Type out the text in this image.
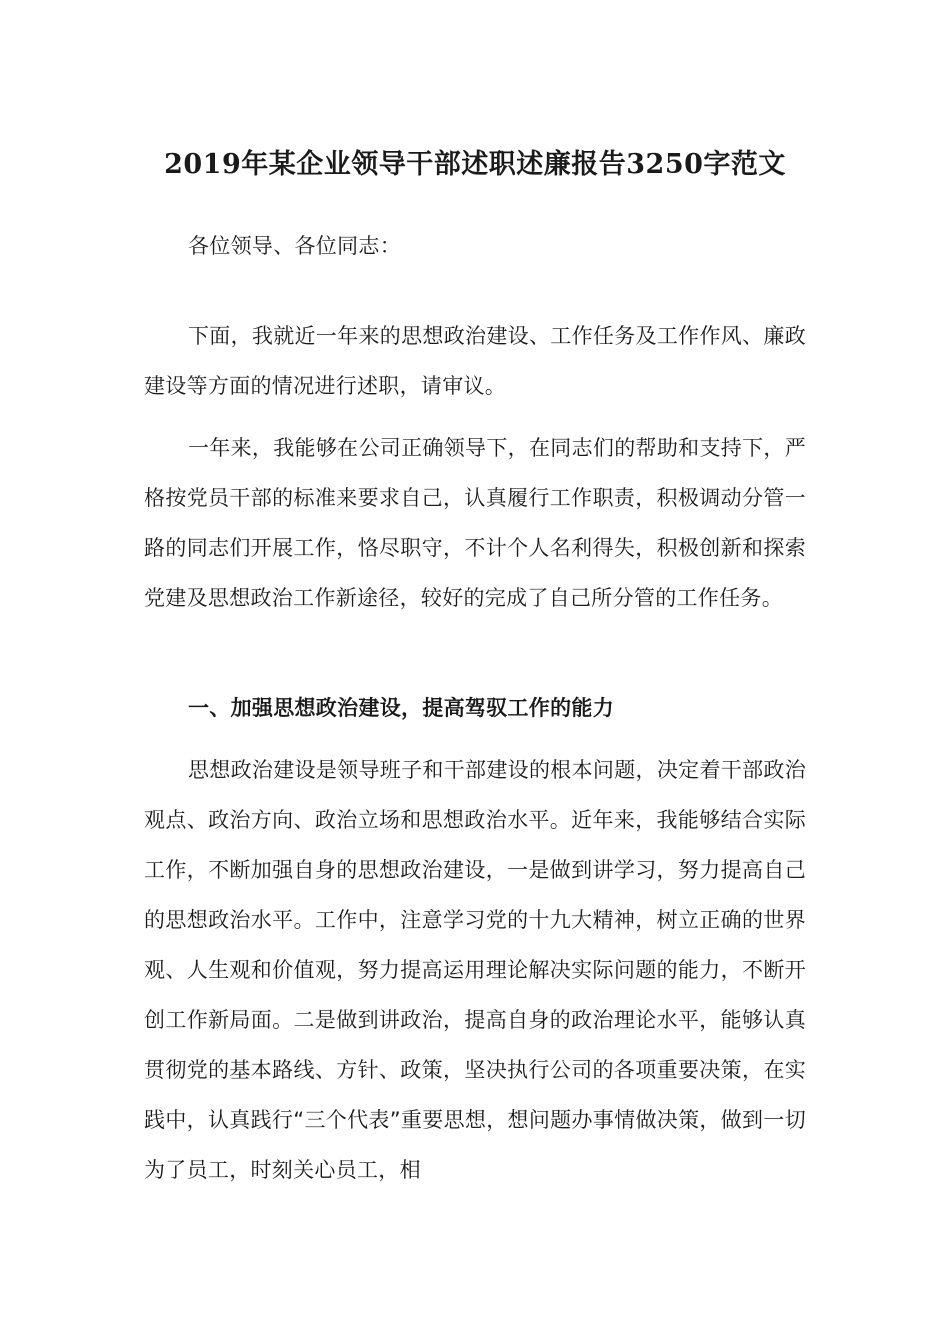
2019年某企业领导干部述职述廉报告3250字范文
各位领导、各位同志：
下面，我就近一年来的思想政治建设、工作任务及工作作风、廉政建设等方面的情况进行述职，请审议。
一年来，我能够在公司正确领导下，在同志们的帮助和支持下，严格按党员干部的标准来要求自己，认真履行工作职责，积极调动分管一路的同志们开展工作，恪尽职守，不计个人名利得失，积极创新和探索党建及思想政治工作新途径，较好的完成了自己所分管的工作任务。
一、加强思想政治建设，提高驾驭工作的能力
思想政治建设是领导班子和干部建设的根本问题，决定着干部政治观点、政治方向、政治立场和思想政治水平。近年来，我能够结合实际工作，不断加强自身的思想政治建设，一是做到讲学习，努力提高自己的思想政治水平。工作中，注意学习党的十九大精神，树立正确的世界观、人生观和价值观，努力提高运用理论解决实际问题的能力，不断开创工作新局面。二是做到讲政治，提高自身的政治理论水平，能够认真贯彻党的基本路线、方针、政策，坚决执行公司的各项重要决策，在实践中，认真践行“三个代表”重要思想，想问题办事情做决策，做到一切为了员工，时刻关心员工，相
